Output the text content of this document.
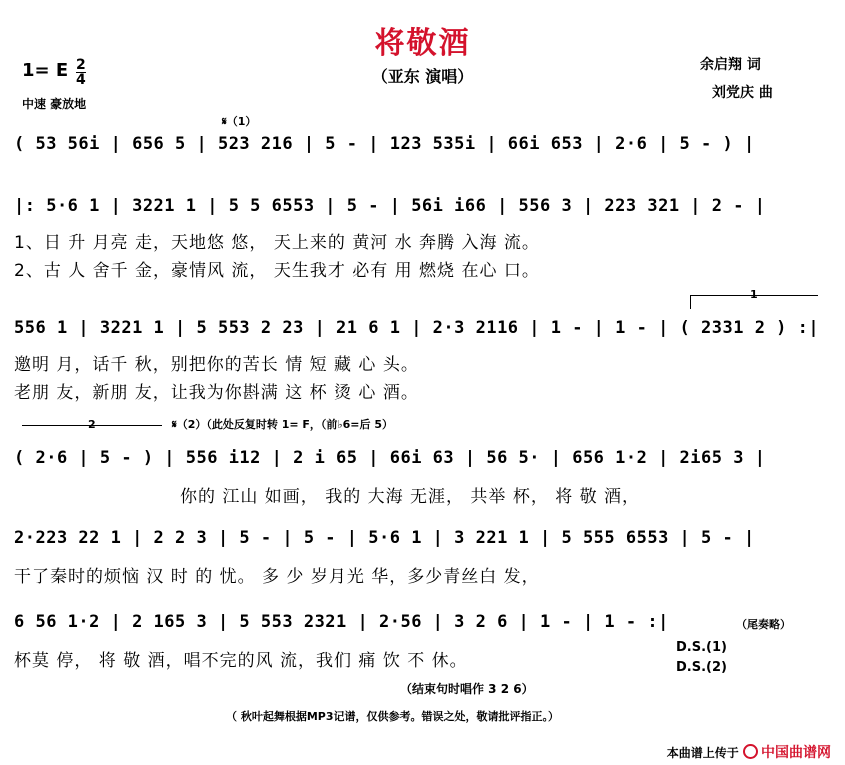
将敬酒
（亚东 演唱）
1= E $\frac{2}{4}$
中速 豪放地
余启翔 词
刘党庆 曲
𝄋（1）
( 53 56i | 656 5 | 523 216 | 5 - | 123 535i | 66i 653 | 2·6 | 5 - ) |
|: 5·6 1 | 3221 1 | 5 5 6553 | 5 - | 56i i66 | 556 3 | 223 321 | 2 - |
1、日 升 月亮 走，天地悠 悠， 天上来的 黄河 水 奔腾 入海 流。
2、古 人 舍千 金，豪情风 流， 天生我才 必有 用 燃烧 在心 口。
1
556 1 | 3221 1 | 5 553 2 23 | 21 6 1 | 2·3 2116 | 1 - | 1 - | ( 2331 2 ) :|
邀明 月，话千 秋，别把你的苦长 情 短 藏 心 头。
老朋 友，新朋 友，让我为你斟满 这 杯 烫 心 酒。
2	𝄋（2）（此处反复时转 1= F，（前♭6=后 5）
( 2·6 | 5 - ) | 556 i12 | 2 i 65 | 66i 63 | 56 5· | 656 1·2 | 2i65 3 |
你的 江山 如画， 我的 大海 无涯， 共举 杯， 将 敬 酒，
2·223 22 1 | 2 2 3 | 5 - | 5 - | 5·6 1 | 3 221 1 | 5 555 6553 | 5 - |
干了秦时的烦恼 汉 时 的 忧。 多 少 岁月光 华，多少青丝白 发，
6 56 1·2 | 2 165 3 | 5 553 2321 | 2·56 | 3 2 6 | 1 - | 1 - :|	（尾奏略）
杯莫 停， 将 敬 酒，唱不完的风 流，我们 痛 饮 不 休。
D.S.(1)
D.S.(2)
（结束句时唱作 3 2 6）
（ 秋叶起舞根据MP3记谱，仅供参考。错误之处，敬请批评指正。）
本曲谱上传于 中国曲谱网
